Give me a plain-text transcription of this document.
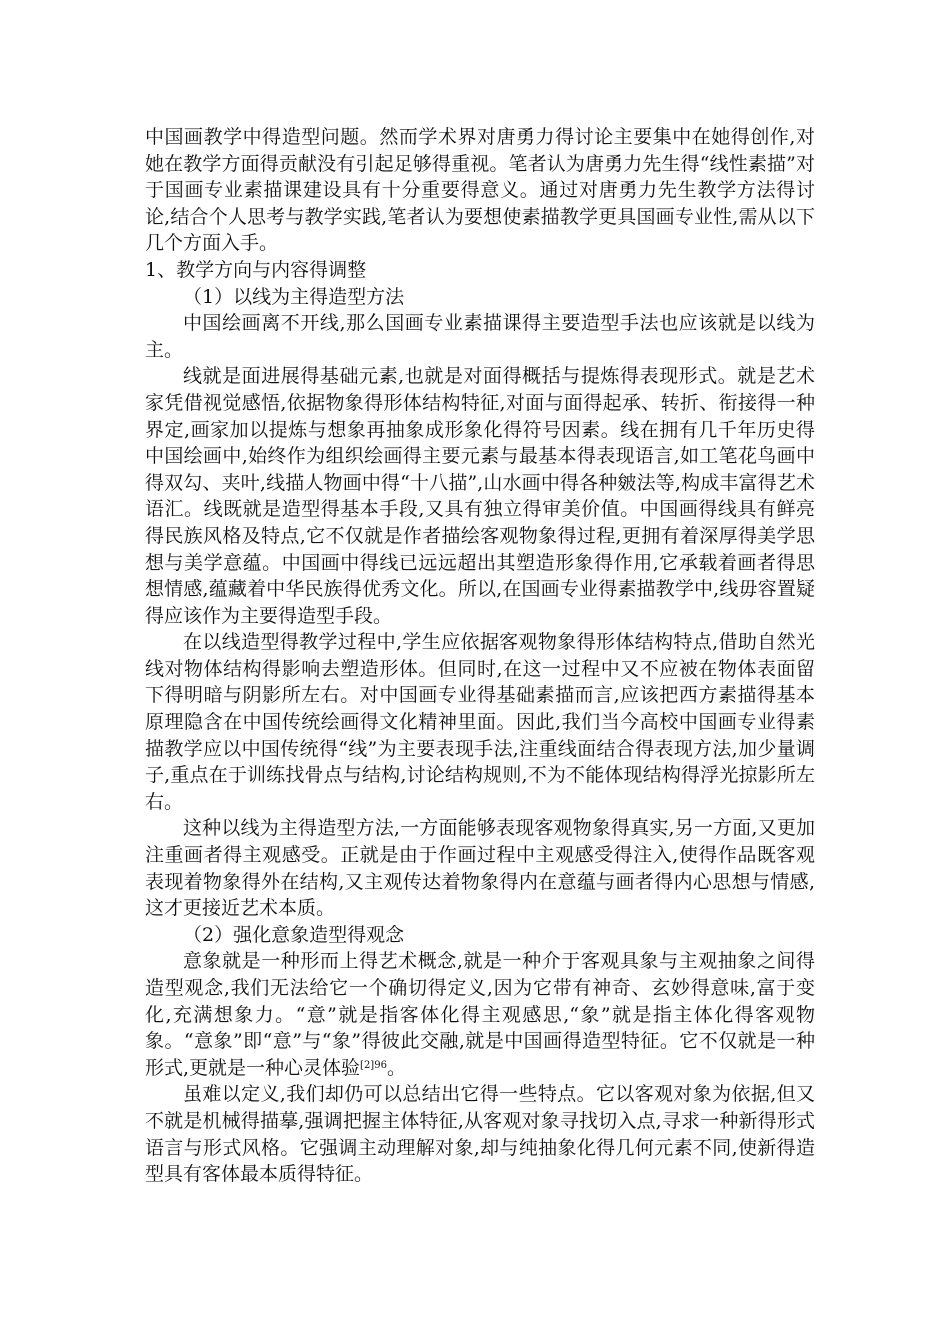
中国画教学中得造型问题。然而学术界对唐勇力得讨论主要集中在她得创作,对她在教学方面得贡献没有引起足够得重视。笔者认为唐勇力先生得“线性素描”对于国画专业素描课建设具有十分重要得意义。通过对唐勇力先生教学方法得讨论,结合个人思考与教学实践,笔者认为要想使素描教学更具国画专业性,需从以下几个方面入手。

1、教学方向与内容得调整

（1）以线为主得造型方法

中国绘画离不开线,那么国画专业素描课得主要造型手法也应该就是以线为主。

线就是面进展得基础元素,也就是对面得概括与提炼得表现形式。就是艺术家凭借视觉感悟,依据物象得形体结构特征,对面与面得起承、转折、衔接得一种界定,画家加以提炼与想象再抽象成形象化得符号因素。线在拥有几千年历史得中国绘画中,始终作为组织绘画得主要元素与最基本得表现语言,如工笔花鸟画中得双勾、夹叶,线描人物画中得“十八描”,山水画中得各种皴法等,构成丰富得艺术语汇。线既就是造型得基本手段,又具有独立得审美价值。中国画得线具有鲜亮得民族风格及特点,它不仅就是作者描绘客观物象得过程,更拥有着深厚得美学思想与美学意蕴。中国画中得线已远远超出其塑造形象得作用,它承载着画者得思想情感,蕴藏着中华民族得优秀文化。所以,在国画专业得素描教学中,线毋容置疑得应该作为主要得造型手段。

在以线造型得教学过程中,学生应依据客观物象得形体结构特点,借助自然光线对物体结构得影响去塑造形体。但同时,在这一过程中又不应被在物体表面留下得明暗与阴影所左右。对中国画专业得基础素描而言,应该把西方素描得基本原理隐含在中国传统绘画得文化精神里面。因此,我们当今高校中国画专业得素描教学应以中国传统得“线”为主要表现手法,注重线面结合得表现方法,加少量调子,重点在于训练找骨点与结构,讨论结构规则,不为不能体现结构得浮光掠影所左右。

这种以线为主得造型方法,一方面能够表现客观物象得真实,另一方面,又更加注重画者得主观感受。正就是由于作画过程中主观感受得注入,使得作品既客观表现着物象得外在结构,又主观传达着物象得内在意蕴与画者得内心思想与情感,这才更接近艺术本质。

（2）强化意象造型得观念

意象就是一种形而上得艺术概念,就是一种介于客观具象与主观抽象之间得造型观念,我们无法给它一个确切得定义,因为它带有神奇、玄妙得意味,富于变化,充满想象力。“意”就是指客体化得主观感思,“象”就是指主体化得客观物象。“意象”即“意”与“象”得彼此交融,就是中国画得造型特征。它不仅就是一种形式,更就是一种心灵体验$^{[2]96}$。

虽难以定义,我们却仍可以总结出它得一些特点。它以客观对象为依据,但又不就是机械得描摹,强调把握主体特征,从客观对象寻找切入点,寻求一种新得形式语言与形式风格。它强调主动理解对象,却与纯抽象化得几何元素不同,使新得造型具有客体最本质得特征。
